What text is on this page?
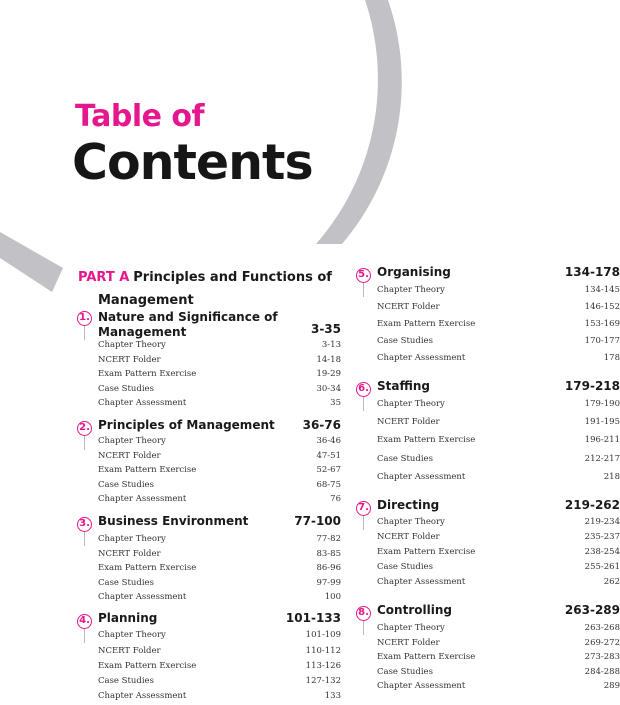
Table of
Contents
PART A Principles and Functions of
Management
1. Nature and Significance of Management	3-35
Chapter Theory	3-13
NCERT Folder	14-18
Exam Pattern Exercise	19-29
Case Studies	30-34
Chapter Assessment	35
2. Principles of Management 36-76
Chapter Theory	36-46
NCERT Folder	47-51
Exam Pattern Exercise	52-67
Case Studies	68-75
Chapter Assessment	76
3. Business Environment	77-100
Chapter Theory	77-82
NCERT Folder	83-85
Exam Pattern Exercise	86-96
Case Studies	97-99
Chapter Assessment	100
4. Planning	101-133
Chapter Theory	101-109
NCERT Folder	110-112
Exam Pattern Exercise	113-126
Case Studies	127-132
Chapter Assessment	133
5. Organising	134-178
Chapter Theory	134-145
NCERT Folder	146-152
Exam Pattern Exercise	153-169
Case Studies	170-177
Chapter Assessment	178
6. Staffing	179-218
Chapter Theory	179-190
NCERT Folder	191-195
Exam Pattern Exercise	196-211
Case Studies	212-217
Chapter Assessment	218
7. Directing	219-262
Chapter Theory	219-234
NCERT Folder	235-237
Exam Pattern Exercise	238-254
Case Studies	255-261
Chapter Assessment	262
8. Controlling	263-289
Chapter Theory	263-268
NCERT Folder	269-272
Exam Pattern Exercise	273-283
Case Studies	284-288
Chapter Assessment	289
